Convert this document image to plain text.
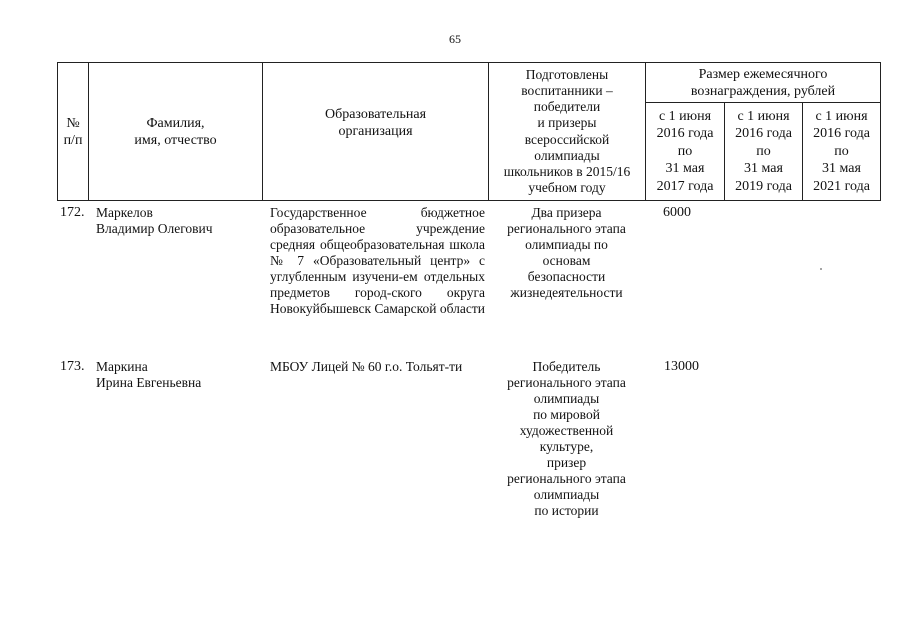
65
№
п/п
Фамилия,
имя, отчество
Образовательная
организация
Подготовлены
воспитанники –
победители
и призеры
всероссийской
олимпиады
школьников в 2015/16
учебном году
Размер ежемесячного
вознаграждения, рублей
с 1 июня
2016 года
по
31 мая
2017 года
с 1 июня
2016 года
по
31 мая
2019 года
с 1 июня
2016 года
по
31 мая
2021 года
172. Маркелов
Владимир Олегович
Государственное бюджетное образовательное учреждение средняя общеобразовательная школа № 7 «Образовательный центр» с углубленным изучени-ем отдельных предметов город-ского округа Новокуйбышевск Самарской области
Два призера
регионального этапа
олимпиады по
основам
безопасности
жизнедеятельности
6000
173. Маркина
Ирина Евгеньевна
МБОУ Лицей № 60 г.о. Тольят-ти	Победитель
регионального этапа
олимпиады
по мировой
художественной
культуре,
призер
регионального этапа
олимпиады
по истории
13000
